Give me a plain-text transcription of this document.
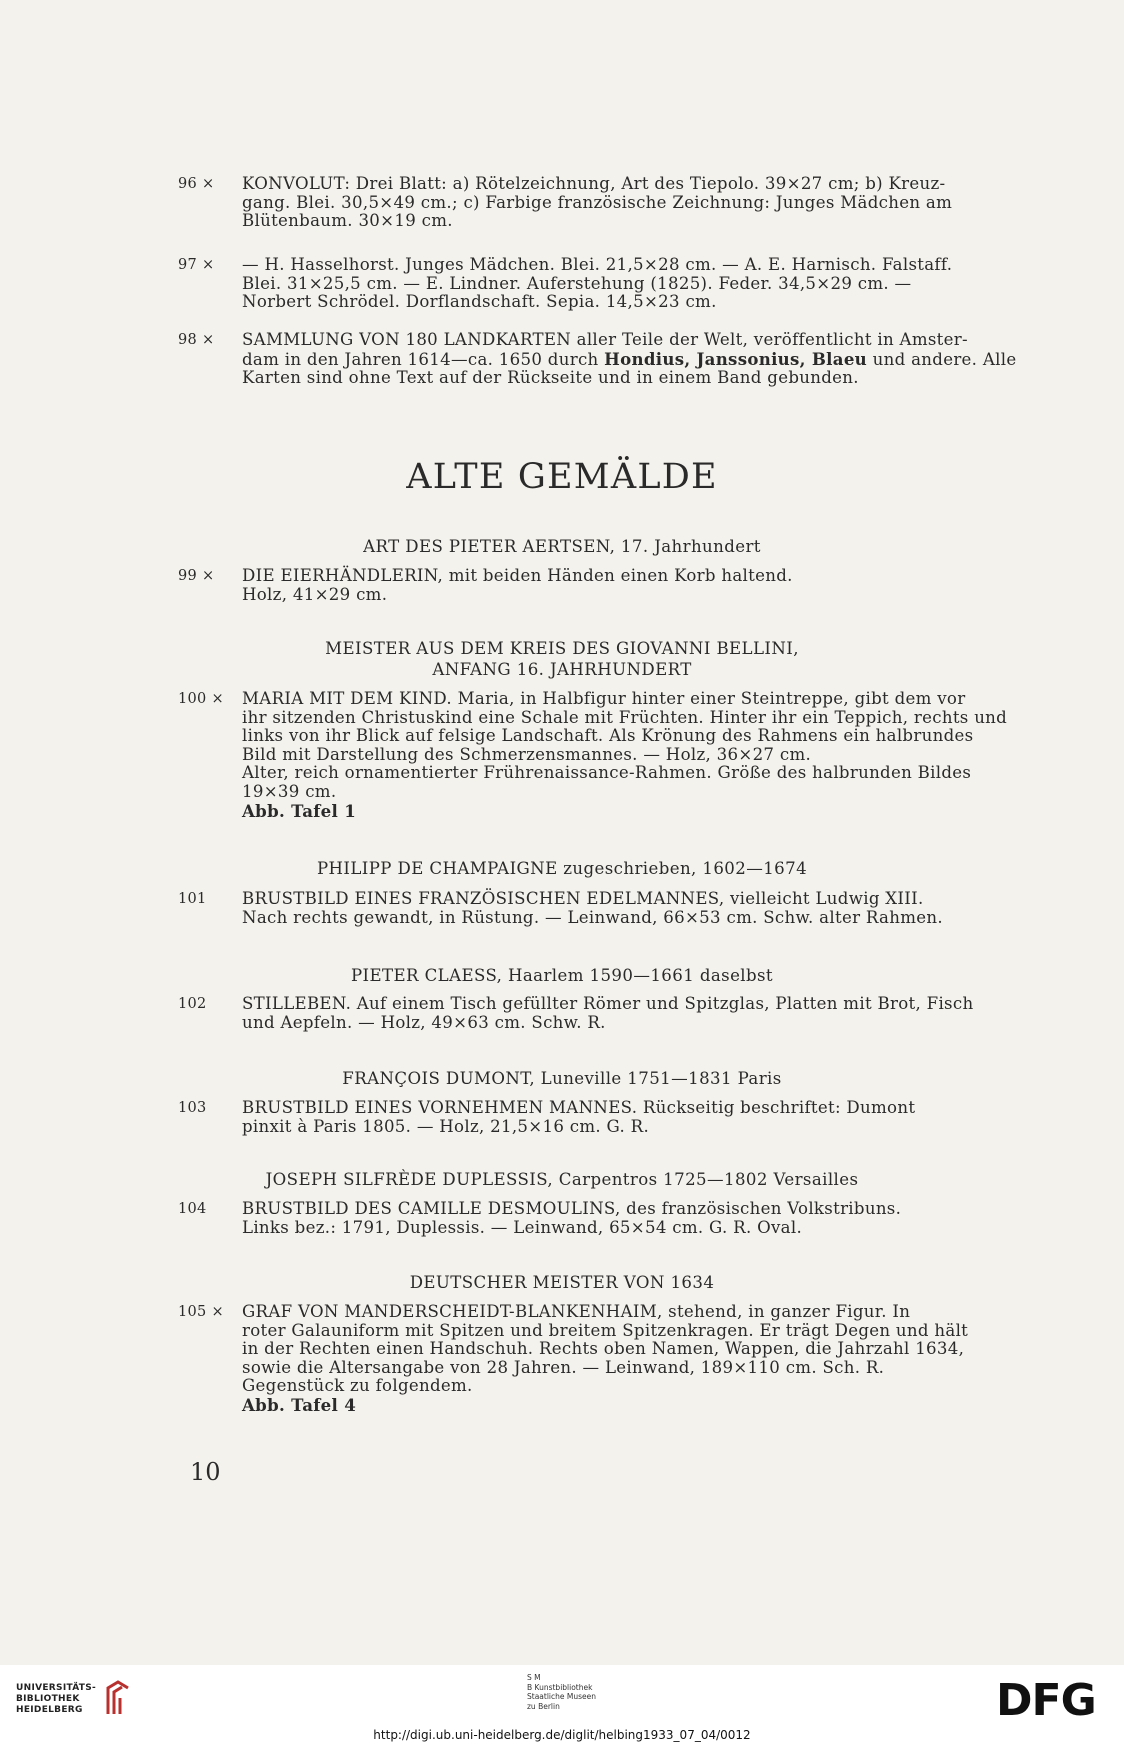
96 ×	KONVOLUT: Drei Blatt: a) Rötelzeichnung, Art des Tiepolo. 39×27 cm; b) Kreuz-

gang. Blei. 30,5×49 cm.; c) Farbige französische Zeichnung: Junges Mädchen am

Blütenbaum. 30×19 cm.

97 ×	— H. Hasselhorst. Junges Mädchen. Blei. 21,5×28 cm. — A. E. Harnisch. Falstaff.

Blei. 31×25,5 cm. — E. Lindner. Auferstehung (1825). Feder. 34,5×29 cm. —

Norbert Schrödel. Dorflandschaft. Sepia. 14,5×23 cm.

98 ×	SAMMLUNG VON 180 LANDKARTEN aller Teile der Welt, veröffentlicht in Amster-

dam in den Jahren 1614—ca. 1650 durch Hondius, Janssonius, Blaeu und andere. Alle

Karten sind ohne Text auf der Rückseite und in einem Band gebunden.

ALTE GEMÄLDE
ART DES PIETER AERTSEN, 17. Jahrhundert
99 ×	DIE EIERHÄNDLERIN, mit beiden Händen einen Korb haltend.

Holz, 41×29 cm.

MEISTER AUS DEM KREIS DES GIOVANNI BELLINI,
ANFANG 16. JAHRHUNDERT
100 ×	MARIA MIT DEM KIND. Maria, in Halbfigur hinter einer Steintreppe, gibt dem vor

ihr sitzenden Christuskind eine Schale mit Früchten. Hinter ihr ein Teppich, rechts und

links von ihr Blick auf felsige Landschaft. Als Krönung des Rahmens ein halbrundes

Bild mit Darstellung des Schmerzensmannes. — Holz, 36×27 cm.

Alter, reich ornamentierter Frührenaissance-Rahmen. Größe des halbrunden Bildes

19×39 cm.

Abb. Tafel 1

PHILIPP DE CHAMPAIGNE zugeschrieben, 1602—1674
101	BRUSTBILD EINES FRANZÖSISCHEN EDELMANNES, vielleicht Ludwig XIII.

Nach rechts gewandt, in Rüstung. — Leinwand, 66×53 cm. Schw. alter Rahmen.

PIETER CLAESS, Haarlem 1590—1661 daselbst
102	STILLEBEN. Auf einem Tisch gefüllter Römer und Spitzglas, Platten mit Brot, Fisch

und Aepfeln. — Holz, 49×63 cm. Schw. R.

FRANÇOIS DUMONT, Luneville 1751—1831 Paris
103	BRUSTBILD EINES VORNEHMEN MANNES. Rückseitig beschriftet: Dumont

pinxit à Paris 1805. — Holz, 21,5×16 cm. G. R.

JOSEPH SILFRÈDE DUPLESSIS, Carpentros 1725—1802 Versailles
104	BRUSTBILD DES CAMILLE DESMOULINS, des französischen Volkstribuns.

Links bez.: 1791, Duplessis. — Leinwand, 65×54 cm. G. R. Oval.

DEUTSCHER MEISTER VON 1634
105 ×	GRAF VON MANDERSCHEIDT-BLANKENHAIM, stehend, in ganzer Figur. In

roter Galauniform mit Spitzen und breitem Spitzenkragen. Er trägt Degen und hält

in der Rechten einen Handschuh. Rechts oben Namen, Wappen, die Jahrzahl 1634,

sowie die Altersangabe von 28 Jahren. — Leinwand, 189×110 cm. Sch. R.

Gegenstück zu folgendem.

Abb. Tafel 4

10
UNIVERSITÄTS-
BIBLIOTHEK
HEIDELBERG
S M
B Kunstbibliothek
Staatliche Museen
zu Berlin	DFG
http://digi.ub.uni-heidelberg.de/diglit/helbing1933_07_04/0012
